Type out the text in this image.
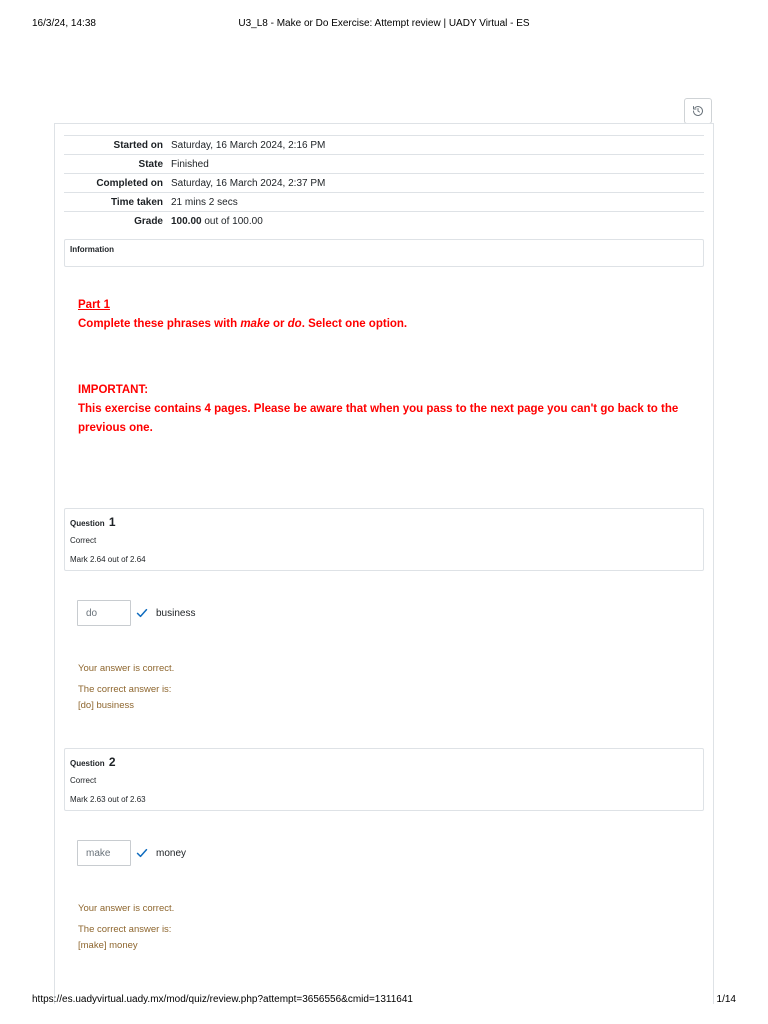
16/3/24, 14:38	U3_L8 - Make or Do Exercise: Attempt review | UADY Virtual - ES
Started on	Saturday, 16 March 2024, 2:16 PM
State	Finished
Completed on	Saturday, 16 March 2024, 2:37 PM
Time taken	21 mins 2 secs
Grade	100.00 out of 100.00
Information

Part 1

Complete these phrases with make or do. Select one option.

IMPORTANT:

This exercise contains 4 pages. Please be aware that when you pass to the next page you can't go back to the previous one.

Question 1
Correct
Mark 2.64 out of 2.64
do
business
Your answer is correct.
The correct answer is:
[do] business
Question 2
Correct
Mark 2.63 out of 2.63
make
money
Your answer is correct.
The correct answer is:
[make] money
https://es.uadyvirtual.uady.mx/mod/quiz/review.php?attempt=3656556&cmid=1311641	1/14
